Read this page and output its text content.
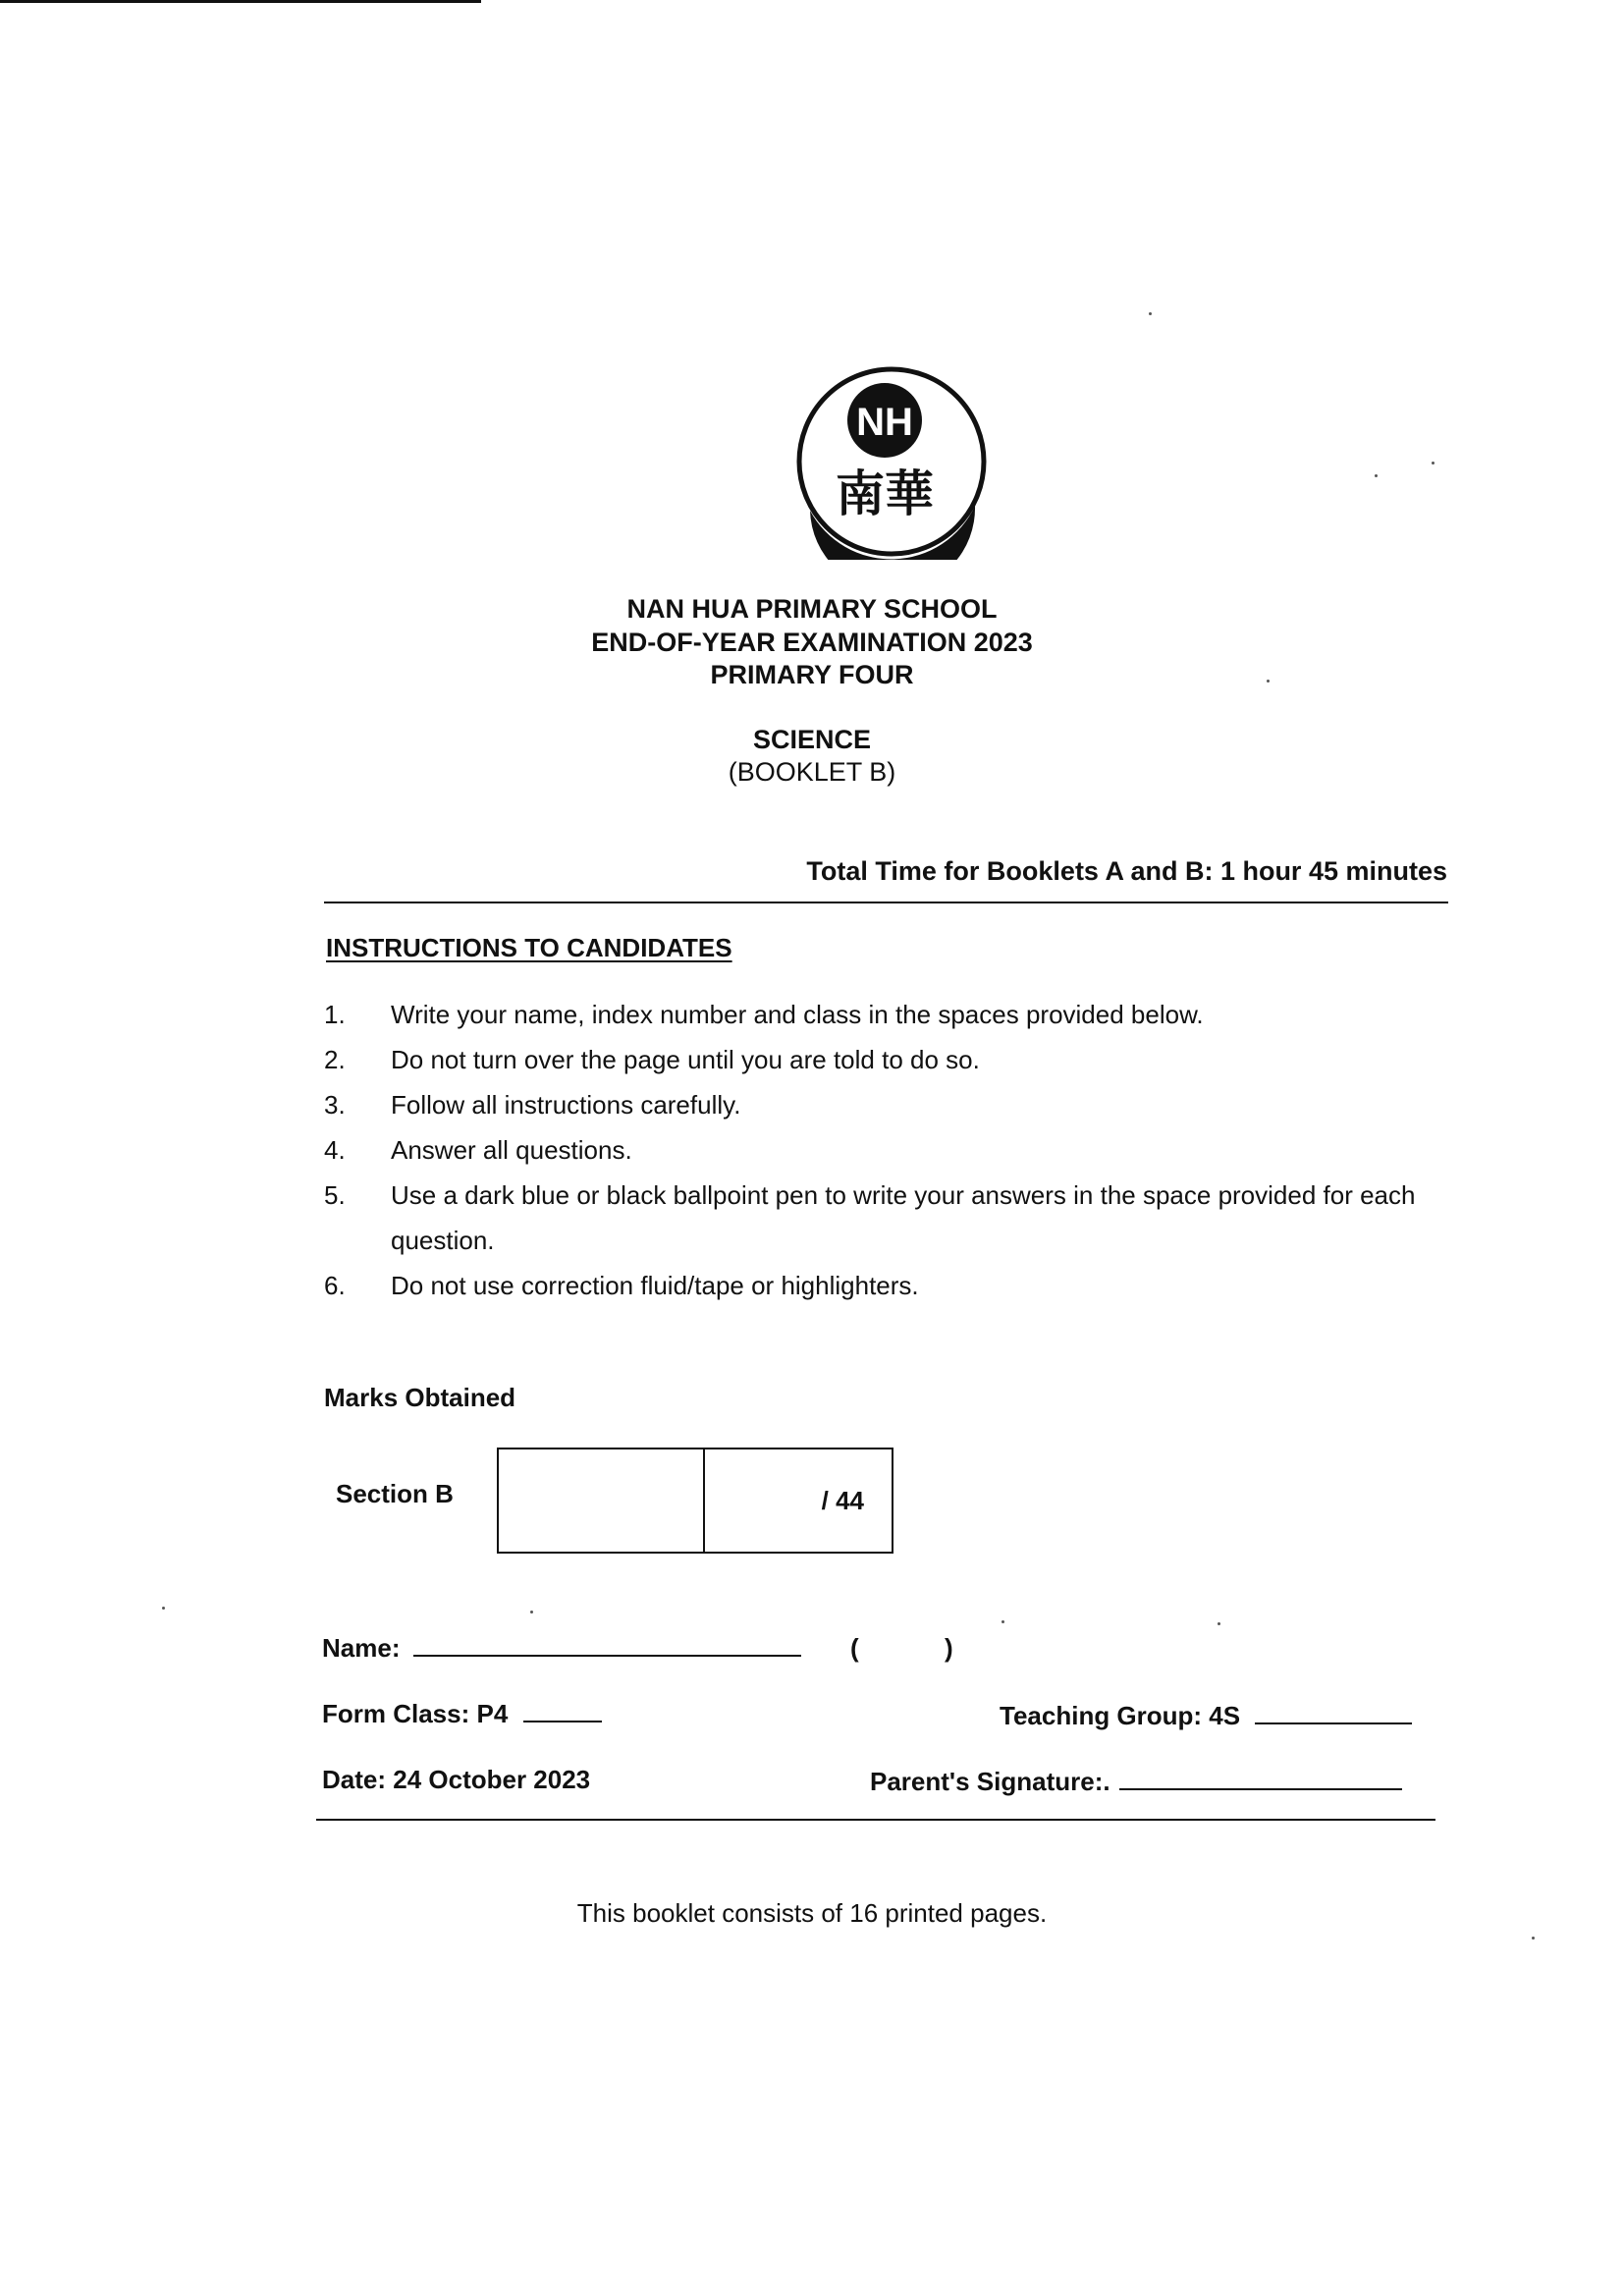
NH
南華
NAN HUA PRIMARY SCHOOL
END-OF-YEAR EXAMINATION 2023
PRIMARY FOUR
SCIENCE
(BOOKLET B)
Total Time for Booklets A and B: 1 hour 45 minutes
INSTRUCTIONS TO CANDIDATES
1.	Write your name, index number and class in the spaces provided below.
2.	Do not turn over the page until you are told to do so.
3.	Follow all instructions carefully.
4.	Answer all questions.
5.	Use a dark blue or black ballpoint pen to write your answers in the space provided for each question.
6.	Do not use correction fluid/tape or highlighters.
Marks Obtained
Section B	/ 44
Name:	(	)
Form Class: P4	Teaching Group: 4S
Date: 24 October 2023	Parent's Signature:.
This booklet consists of 16 printed pages.
